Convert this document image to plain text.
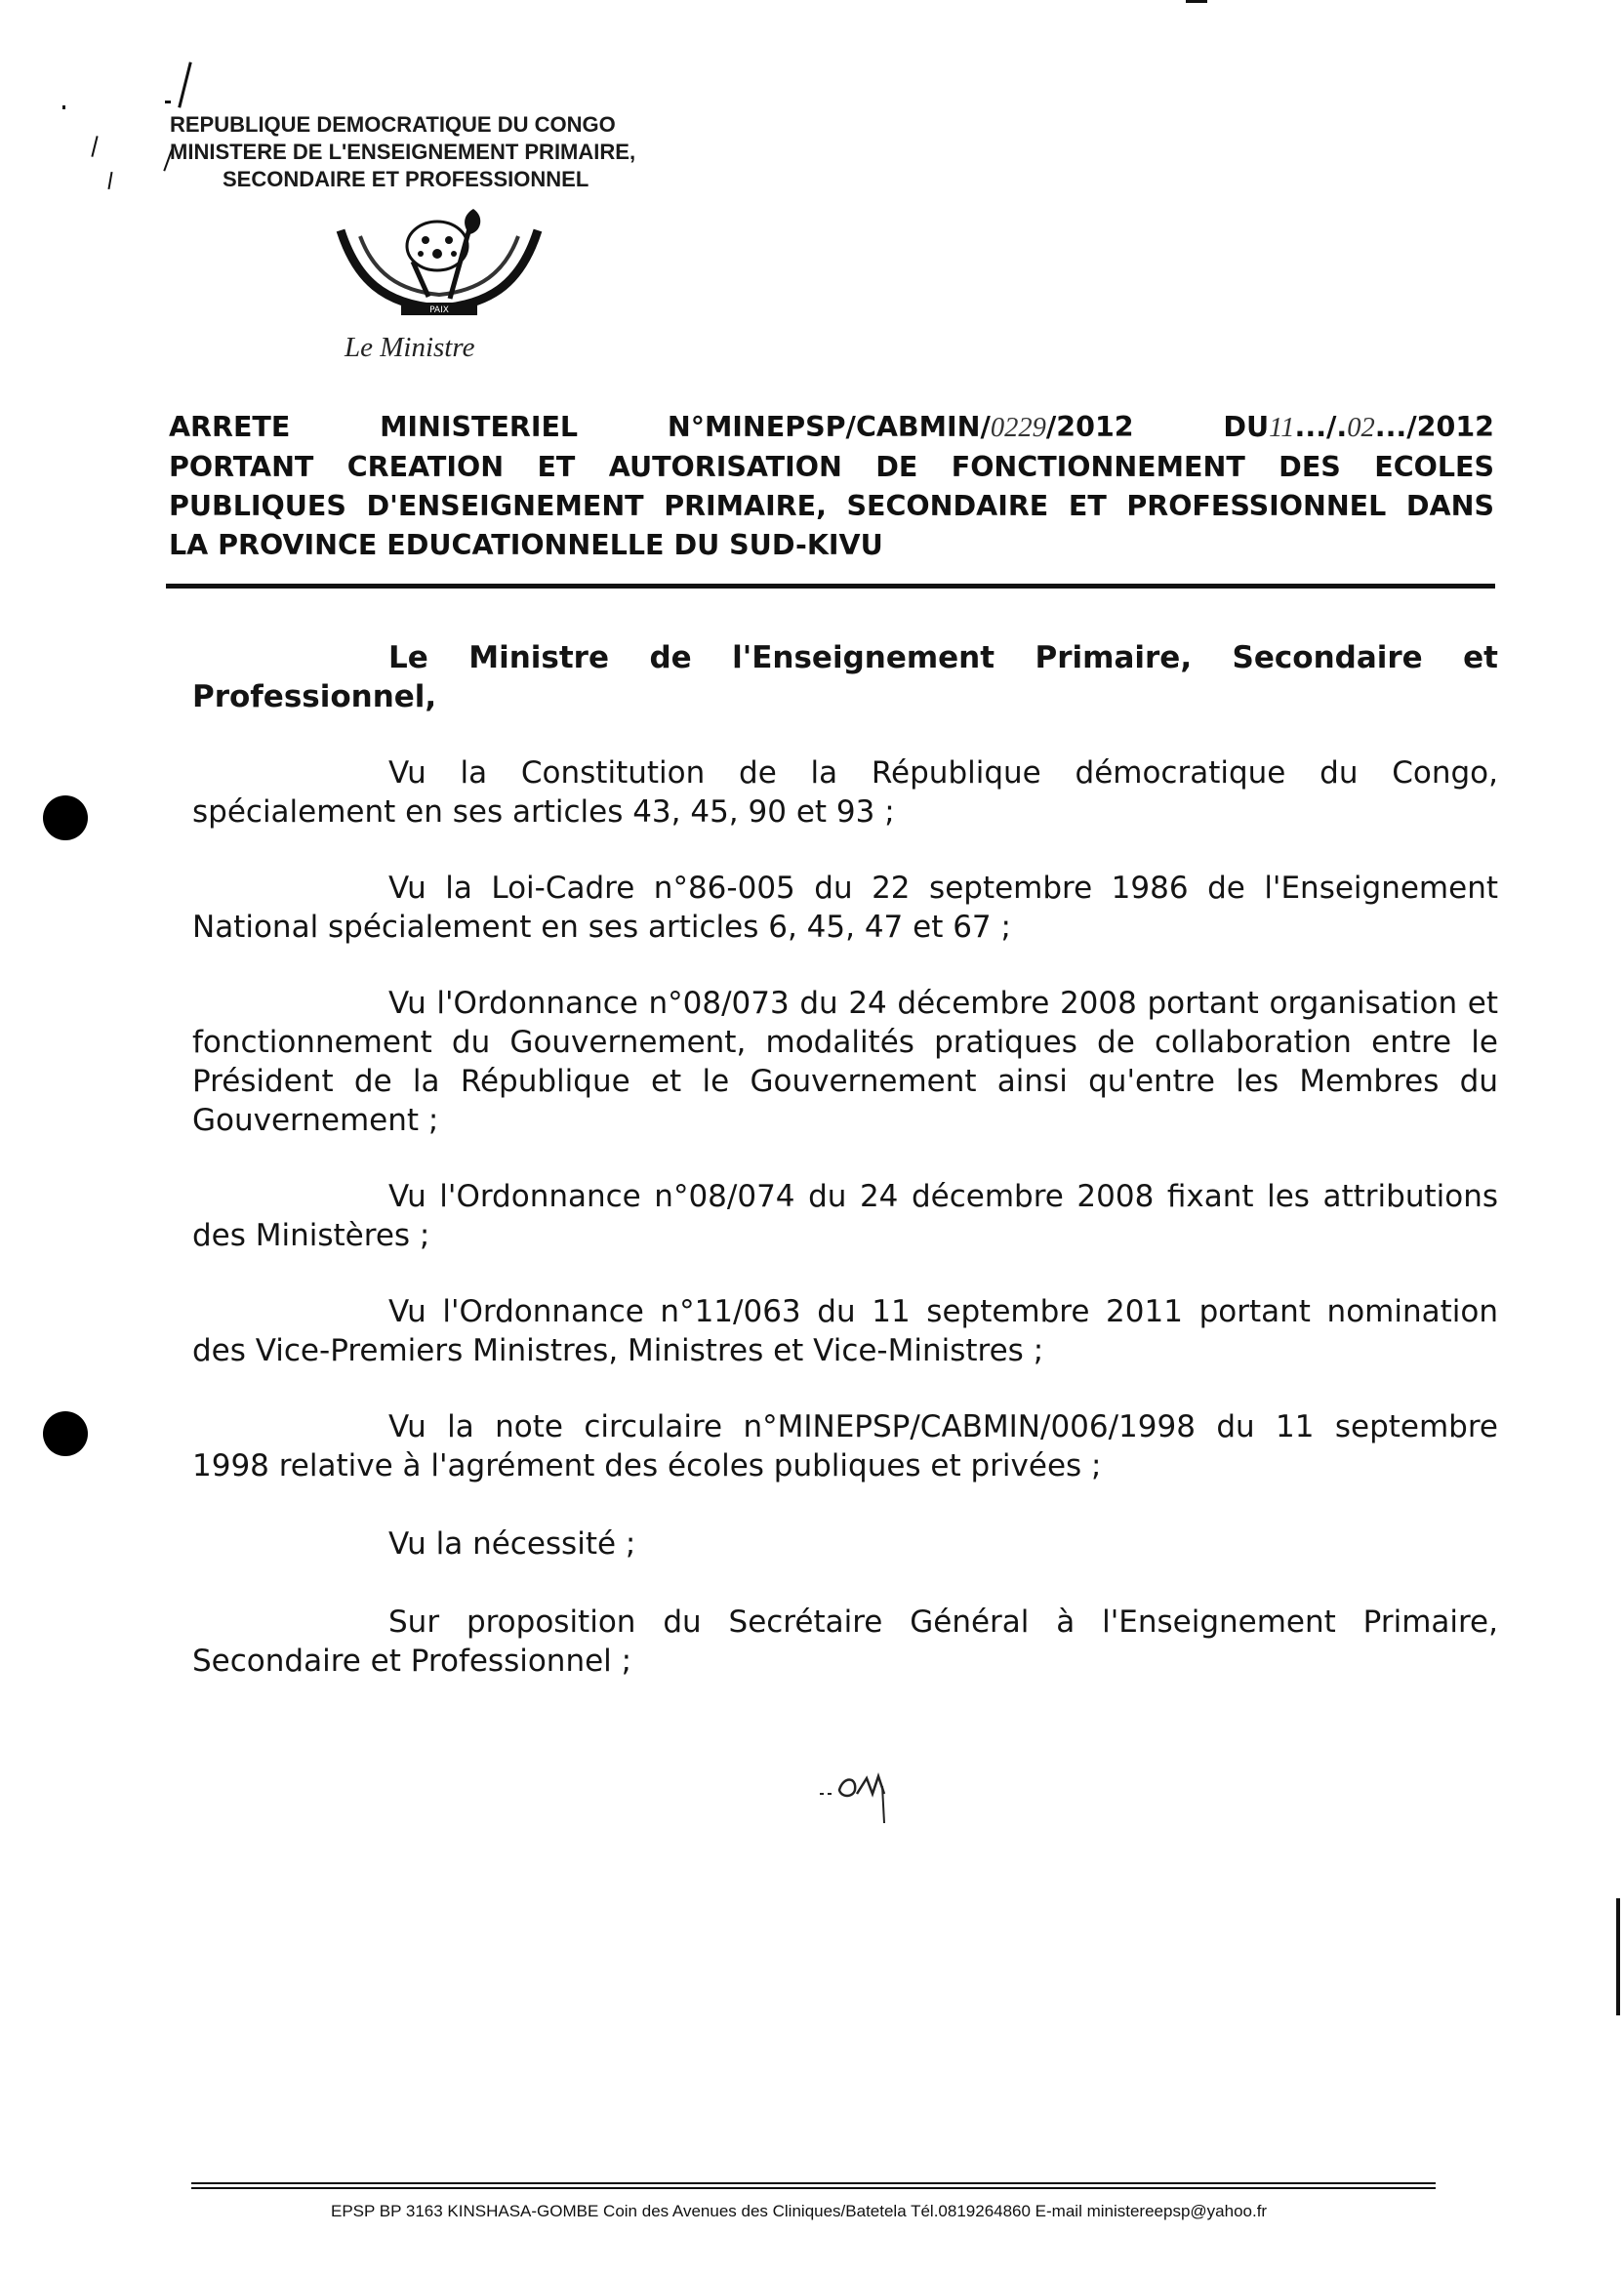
REPUBLIQUE DEMOCRATIQUE DU CONGO
MINISTERE DE L'ENSEIGNEMENT PRIMAIRE,
SECONDAIRE ET PROFESSIONNEL
PAIX
Le Ministre
ARRETE	MINISTERIEL	N°MINEPSP/CABMIN/0229/2012	DU11.../.02.../2012
PORTANT CREATION ET AUTORISATION DE FONCTIONNEMENT DES ECOLES
PUBLIQUES D'ENSEIGNEMENT PRIMAIRE, SECONDAIRE ET PROFESSIONNEL DANS
LA PROVINCE EDUCATIONNELLE DU SUD-KIVU

Le Ministre de l'Enseignement Primaire, Secondaire et Professionnel,

Vu la Constitution de la République démocratique du Congo, spécialement en ses articles 43, 45, 90 et 93 ;

Vu la Loi-Cadre n°86-005 du 22 septembre 1986 de l'Enseignement National spécialement en ses articles 6, 45, 47 et 67 ;

Vu l'Ordonnance n°08/073 du 24 décembre 2008 portant organisation et fonctionnement du Gouvernement, modalités pratiques de collaboration entre le Président de la République et le Gouvernement ainsi qu'entre les Membres du Gouvernement ;

Vu l'Ordonnance n°08/074 du 24 décembre 2008 fixant les attributions des Ministères ;

Vu l'Ordonnance n°11/063 du 11 septembre 2011 portant nomination des Vice-Premiers Ministres, Ministres et Vice-Ministres ;

Vu la note circulaire n°MINEPSP/CABMIN/006/1998 du 11 septembre 1998 relative à l'agrément des écoles publiques et privées ;

Vu la nécessité ;

Sur proposition du Secrétaire Général à l'Enseignement Primaire, Secondaire et Professionnel ;

EPSP BP 3163 KINSHASA-GOMBE Coin des Avenues des Cliniques/Batetela Tél.0819264860 E-mail ministereepsp@yahoo.fr
